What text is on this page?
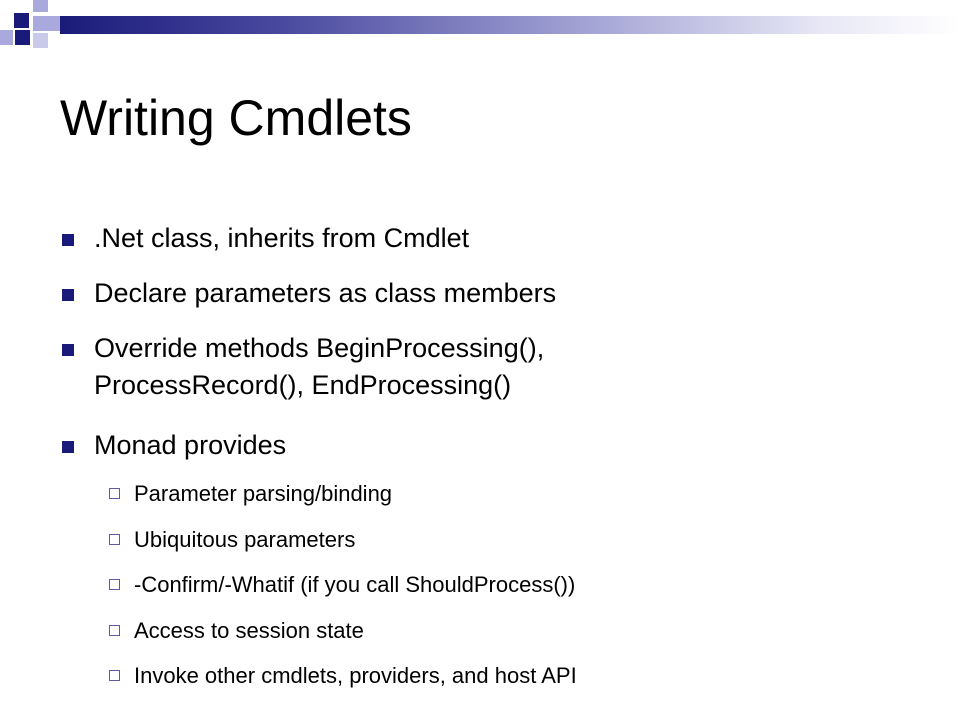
Writing Cmdlets
.Net class, inherits from Cmdlet
Declare parameters as class members
Override methods BeginProcessing(), ProcessRecord(), EndProcessing()
Monad provides
Parameter parsing/binding
Ubiquitous parameters
-Confirm/-Whatif (if you call ShouldProcess())
Access to session state
Invoke other cmdlets, providers, and host API
